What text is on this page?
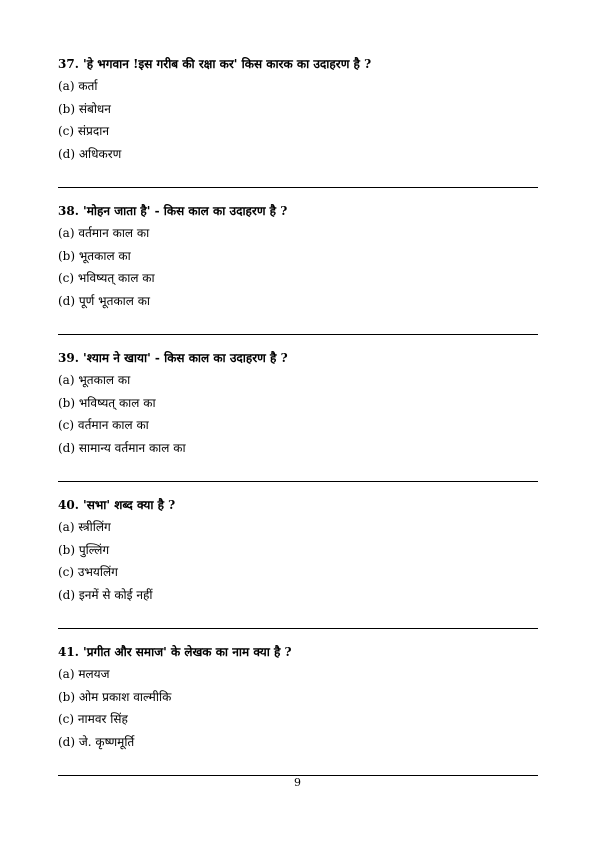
37. 'हे भगवान !इस गरीब की रक्षा कर' किस कारक का उदाहरण है ?
(a) कर्ता
(b) संबोधन
(c) संप्रदान
(d) अधिकरण
38. 'मोहन जाता है' - किस काल का उदाहरण है ?
(a) वर्तमान काल का
(b) भूतकाल का
(c) भविष्यत् काल का
(d) पूर्ण भूतकाल का
39. 'श्याम ने खाया' - किस काल का उदाहरण है ?
(a) भूतकाल का
(b) भविष्यत् काल का
(c) वर्तमान काल का
(d) सामान्य वर्तमान काल का
40. 'सभा' शब्द क्या है ?
(a) स्त्रीलिंग
(b) पुल्लिंग
(c) उभयलिंग
(d) इनमें से कोई नहीं
41. 'प्रगीत और समाज' के लेखक का नाम क्या है ?
(a) मलयज
(b) ओम प्रकाश वाल्मीकि
(c) नामवर सिंह
(d) जे. कृष्णमूर्ति
9
